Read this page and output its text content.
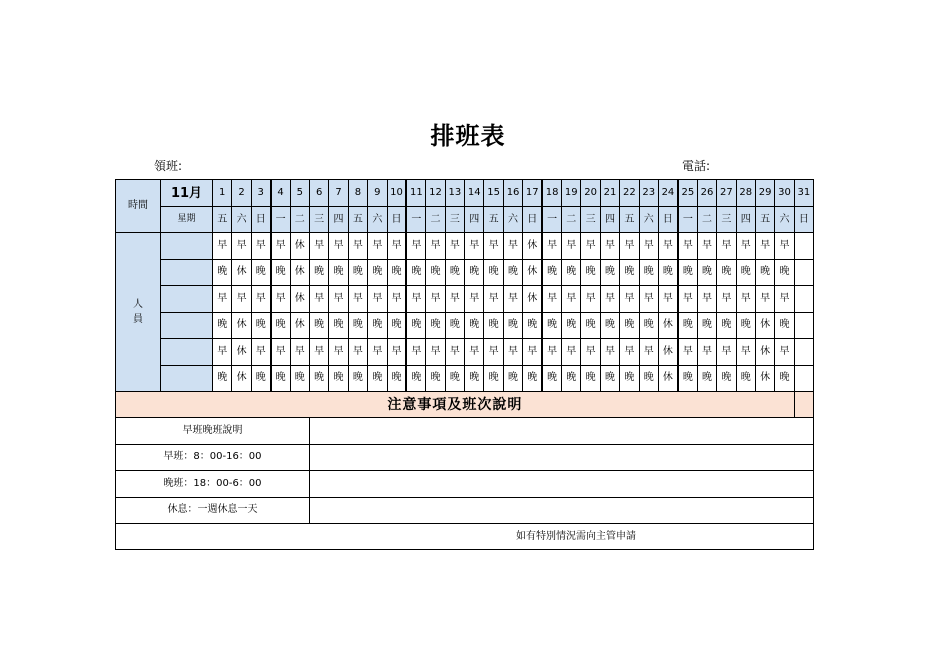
排班表
領班:	電話:
時間	11月	1	2	3	4	5	6	7	8	9	10	11	12	13	14	15	16	17	18	19	20	21	22	23	24	25	26	27	28	29	30	31
	星期	五	六	日	一	二	三	四	五	六	日	一	二	三	四	五	六	日	一	二	三	四	五	六	日	一	二	三	四	五	六	日
人
員		早	早	早	早	休	早	早	早	早	早	早	早	早	早	早	早	休	早	早	早	早	早	早	早	早	早	早	早	早	早	
		晚	休	晚	晚	休	晚	晚	晚	晚	晚	晚	晚	晚	晚	晚	晚	休	晚	晚	晚	晚	晚	晚	晚	晚	晚	晚	晚	晚	晚	
		早	早	早	早	休	早	早	早	早	早	早	早	早	早	早	早	休	早	早	早	早	早	早	早	早	早	早	早	早	早	
		晚	休	晚	晚	休	晚	晚	晚	晚	晚	晚	晚	晚	晚	晚	晚	晚	晚	晚	晚	晚	晚	晚	休	晚	晚	晚	晚	休	晚	
		早	休	早	早	早	早	早	早	早	早	早	早	早	早	早	早	早	早	早	早	早	早	早	休	早	早	早	早	休	早	
		晚	休	晚	晚	晚	晚	晚	晚	晚	晚	晚	晚	晚	晚	晚	晚	晚	晚	晚	晚	晚	晚	晚	休	晚	晚	晚	晚	休	晚	
注意事項及班次說明																																
早班晚班說明																																
早班：8：00-16：00																																
晚班：18：00-6：00																																
休息：一週休息一天																																
如有特別情況需向主管申請																																
